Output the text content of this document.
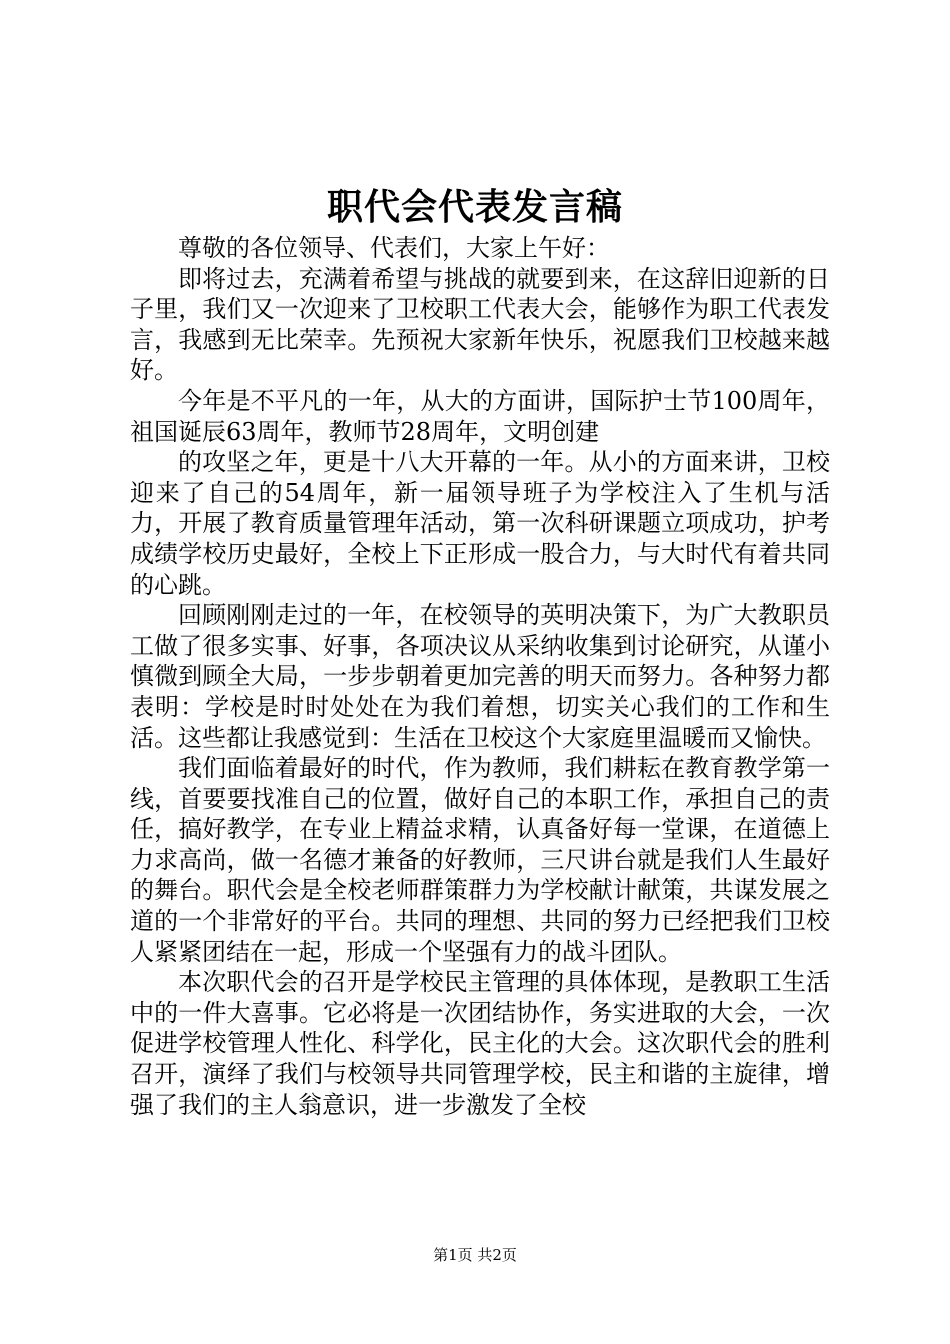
职代会代表发言稿

尊敬的各位领导、代表们，大家上午好：

即将过去，充满着希望与挑战的就要到来，在这辞旧迎新的日子里，我们又一次迎来了卫校职工代表大会，能够作为职工代表发言，我感到无比荣幸。先预祝大家新年快乐，祝愿我们卫校越来越好。

今年是不平凡的一年，从大的方面讲，国际护士节100周年，祖国诞辰63周年，教师节28周年，文明创建

的攻坚之年，更是十八大开幕的一年。从小的方面来讲，卫校迎来了自己的54周年，新一届领导班子为学校注入了生机与活力，开展了教育质量管理年活动，第一次科研课题立项成功，护考成绩学校历史最好，全校上下正形成一股合力，与大时代有着共同的心跳。

回顾刚刚走过的一年，在校领导的英明决策下，为广大教职员工做了很多实事、好事，各项决议从采纳收集到讨论研究，从谨小慎微到顾全大局，一步步朝着更加完善的明天而努力。各种努力都表明：学校是时时处处在为我们着想，切实关心我们的工作和生活。这些都让我感觉到：生活在卫校这个大家庭里温暖而又愉快。

我们面临着最好的时代，作为教师，我们耕耘在教育教学第一线，首要要找准自己的位置，做好自己的本职工作，承担自己的责任，搞好教学，在专业上精益求精，认真备好每一堂课，在道德上力求高尚，做一名德才兼备的好教师，三尺讲台就是我们人生最好的舞台。职代会是全校老师群策群力为学校献计献策，共谋发展之道的一个非常好的平台。共同的理想、共同的努力已经把我们卫校人紧紧团结在一起，形成一个坚强有力的战斗团队。

本次职代会的召开是学校民主管理的具体体现，是教职工生活中的一件大喜事。它必将是一次团结协作，务实进取的大会，一次促进学校管理人性化、科学化，民主化的大会。这次职代会的胜利召开，演绎了我们与校领导共同管理学校，民主和谐的主旋律，增强了我们的主人翁意识，进一步激发了全校

第1页 共2页
